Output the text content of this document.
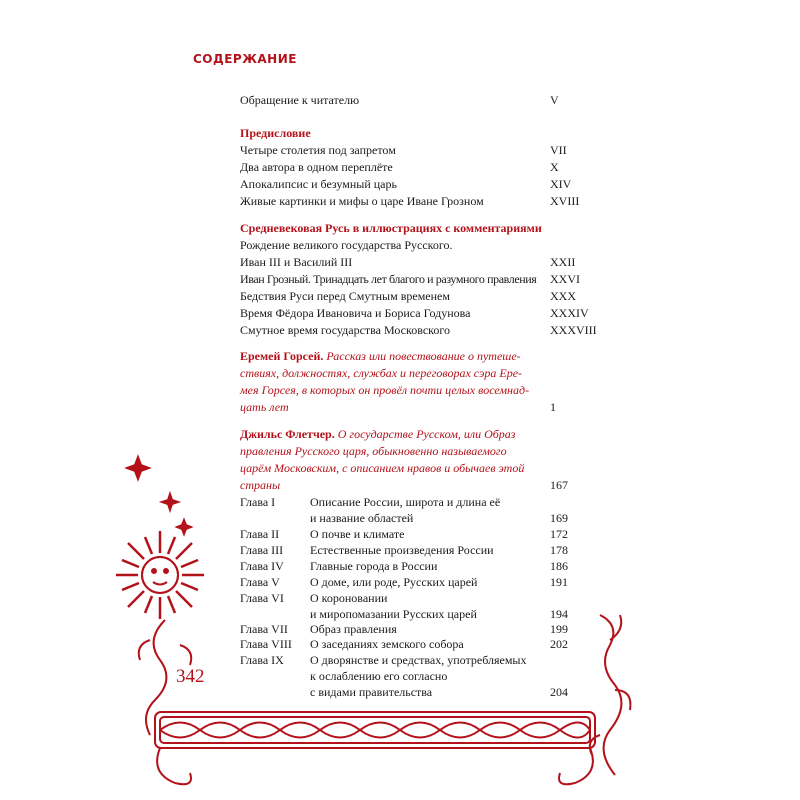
СОДЕРЖАНИЕ
Обращение к читателю	V
Предисловие
Четыре столетия под запретом	VII
Два автора в одном переплёте	X
Апокалипсис и безумный царь	XIV
Живые картинки и мифы о царе Иване Грозном	XVIII
Средневековая Русь в иллюстрациях с комментариями
Рождение великого государства Русского.
Иван III и Василий III	XXII
Иван Грозный. Тринадцать лет благого и разумного правления XXVI
Бедствия Руси перед Смутным временем	XXX
Время Фёдора Ивановича и Бориса Годунова	XXXIV
Смутное время государства Московского	XXXVIII
Еремей Горсей. Рассказ или повествование о путеше-
ствиях, должностях, службах и переговорах сэра Ере-
мея Горсея, в которых он провёл почти целых восемнад-
цать лет	1
Джильс Флетчер. О государстве Русском, или Образ
правления Русского царя, обыкновенно называемого
царём Московским, с описанием нравов и обычаев этой
страны	167
Глава I	Описание России, широта и длина её
и название областей	169
Глава II	О почве и климате	172
Глава III Естественные произведения России	178
Глава IV Главные города в России	186
Глава V	О доме, или роде, Русских царей	191
Глава VI О короновании
и миропомазании Русских царей	194
Глава VII Образ правления	199
Глава VIII О заседаниях земского собора	202
Глава IX О дворянстве и средствах, употребляемых
к ослаблению его согласно
с видами правительства	204
342
